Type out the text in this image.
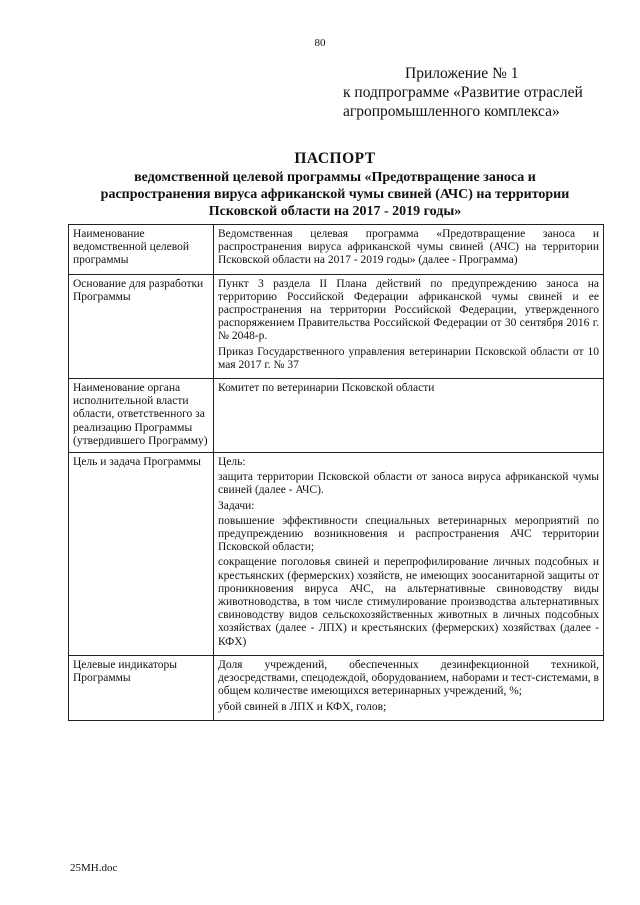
80
Приложение № 1
к подпрограмме «Развитие отраслей
агропромышленного комплекса»
ПАСПОРТ
ведомственной целевой программы «Предотвращение заноса и
распространения вируса африканской чумы свиней (АЧС) на территории
Псковской области на 2017 - 2019 годы»
Наименование ведомственной целевой программы	Ведомственная целевая программа «Предотвращение заноса и распространения вируса африканской чумы свиней (АЧС) на территории Псковской области на 2017 - 2019 годы» (далее - Программа)

Основание для разработки Программы	Пункт 3 раздела II Плана действий по предупреждению заноса на территорию Российской Федерации африканской чумы свиней и ее распространения на территории Российской Федерации, утвержденного распоряжением Правительства Российской Федерации от 30 сентября 2016 г. № 2048-р.

Приказ Государственного управления ветеринарии Псковской области от 10 мая 2017 г. № 37

Наименование органа исполнительной власти области, ответственного за реализацию Программы (утвердившего Программу)	Комитет по ветеринарии Псковской области

Цель и задача Программы	Цель:

защита территории Псковской области от заноса вируса африканской чумы свиней (далее - АЧС).

Задачи:

повышение эффективности специальных ветеринарных мероприятий по предупреждению возникновения и распространения АЧС территории Псковской области;

сокращение поголовья свиней и перепрофилирование личных подсобных и крестьянских (фермерских) хозяйств, не имеющих зоосанитарной защиты от проникновения вируса АЧС, на альтернативные свиноводству виды животноводства, в том числе стимулирование производства альтернативных свиноводству видов сельскохозяйственных животных в личных подсобных хозяйствах (далее - ЛПХ) и крестьянских (фермерских) хозяйствах (далее - КФХ)

Целевые индикаторы Программы	Доля учреждений, обеспеченных дезинфекционной техникой, дезосредствами, спецодеждой, оборудованием, наборами и тест-системами, в общем количестве имеющихся ветеринарных учреждений, %;

убой свиней в ЛПХ и КФХ, голов;

25МН.doc
